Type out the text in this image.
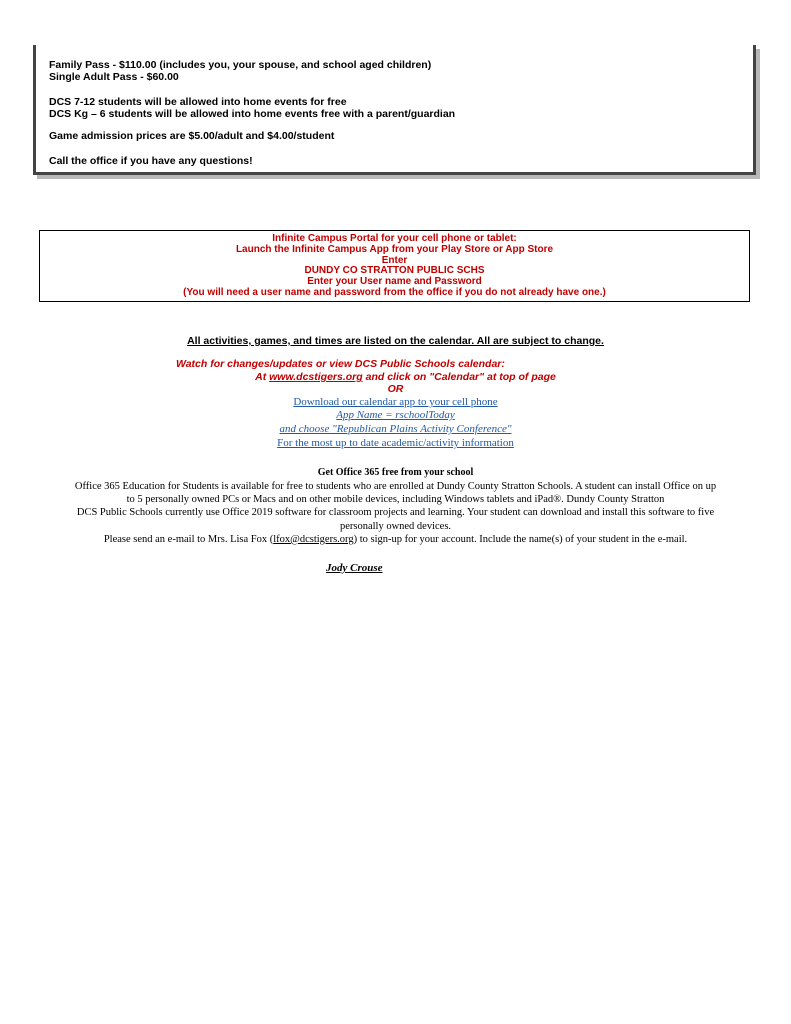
Family Pass - $110.00 (includes you, your spouse, and school aged children)
Single Adult Pass - $60.00
DCS 7-12 students will be allowed into home events for free
DCS Kg – 6 students will be allowed into home events free with a parent/guardian
Game admission prices are $5.00/adult and $4.00/student
Call the office if you have any questions!
Infinite Campus Portal for your cell phone or tablet:
Launch the Infinite Campus App from your Play Store or App Store
Enter
DUNDY CO STRATTON PUBLIC SCHS
Enter your User name and Password
(You will need a user name and password from the office if you do not already have one.)
All activities, games, and times are listed on the calendar. All are subject to change.
Watch for changes/updates or view DCS Public Schools calendar:
At www.dcstigers.org and click on "Calendar" at top of page
OR
Download our calendar app to your cell phone
App Name = rschoolToday
and choose "Republican Plains Activity Conference"
For the most up to date academic/activity information
Get Office 365 free from your school
Office 365 Education for Students is available for free to students who are enrolled at Dundy County Stratton Schools. A student can install Office on up
to 5 personally owned PCs or Macs and on other mobile devices, including Windows tablets and iPad®. Dundy County Stratton
DCS Public Schools currently use Office 2019 software for classroom projects and learning. Your student can download and install this software to five
personally owned devices.
Please send an e-mail to Mrs. Lisa Fox (lfox@dcstigers.org) to sign-up for your account. Include the name(s) of your student in the e-mail.
Jody Crouse
